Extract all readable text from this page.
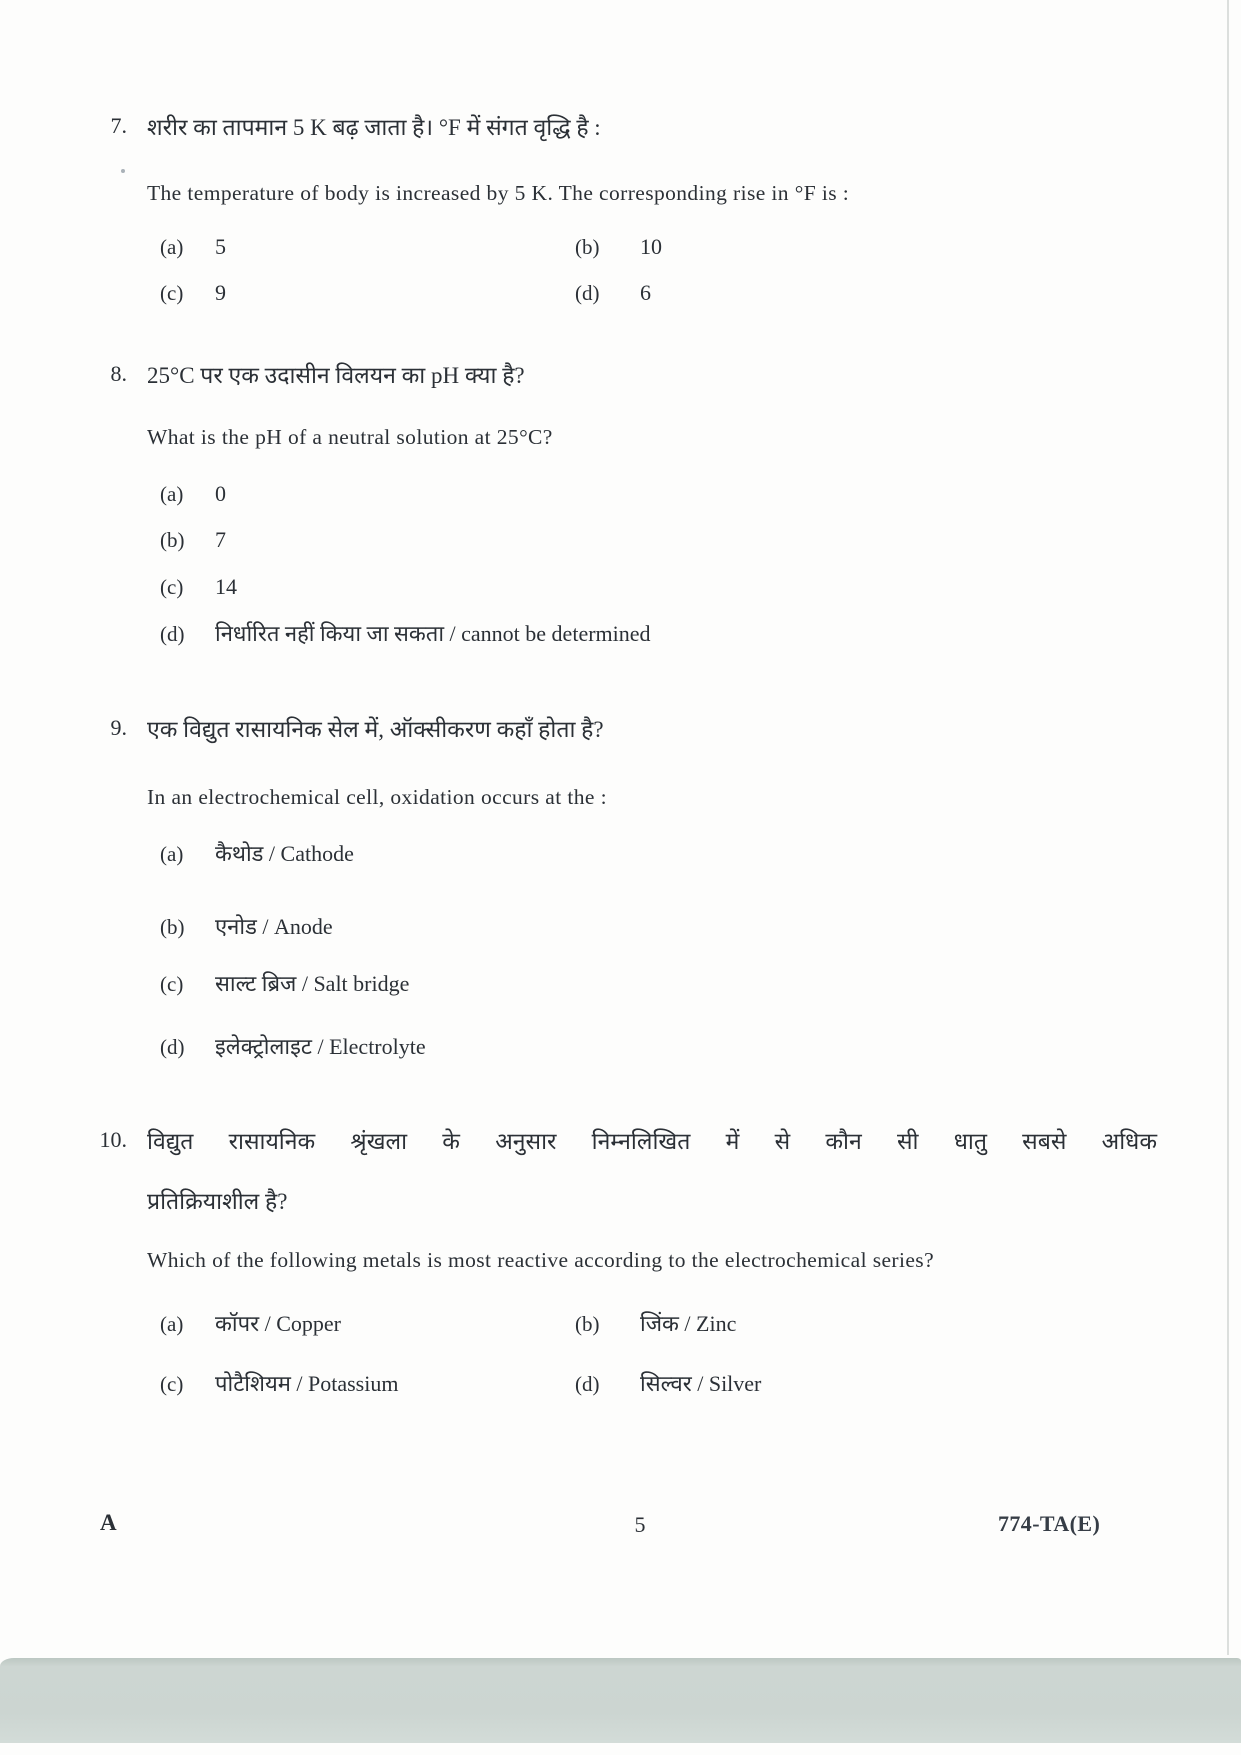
7. शरीर का तापमान 5 K बढ़ जाता है। °F में संगत वृद्धि है :
The temperature of body is increased by 5 K. The corresponding rise in °F is :
(a) 5	(b) 10
(c) 9	(d) 6
8. 25°C पर एक उदासीन विलयन का pH क्या है?
What is the pH of a neutral solution at 25°C?
(a) 0
(b) 7
(c) 14
(d) निर्धारित नहीं किया जा सकता / cannot be determined
9. एक विद्युत रासायनिक सेल में, ऑक्सीकरण कहाँ होता है?
In an electrochemical cell, oxidation occurs at the :
(a) कैथोड / Cathode
(b) एनोड / Anode
(c) साल्ट ब्रिज / Salt bridge
(d) इलेक्ट्रोलाइट / Electrolyte
10. विद्युत रासायनिक श्रृंखला के अनुसार निम्नलिखित में से कौन सी धातु सबसे अधिक
प्रतिक्रियाशील है?
Which of the following metals is most reactive according to the electrochemical series?
(a) कॉपर / Copper	(b) जिंक / Zinc
(c) पोटैशियम / Potassium	(d) सिल्वर / Silver
A	5	774-TA(E)
